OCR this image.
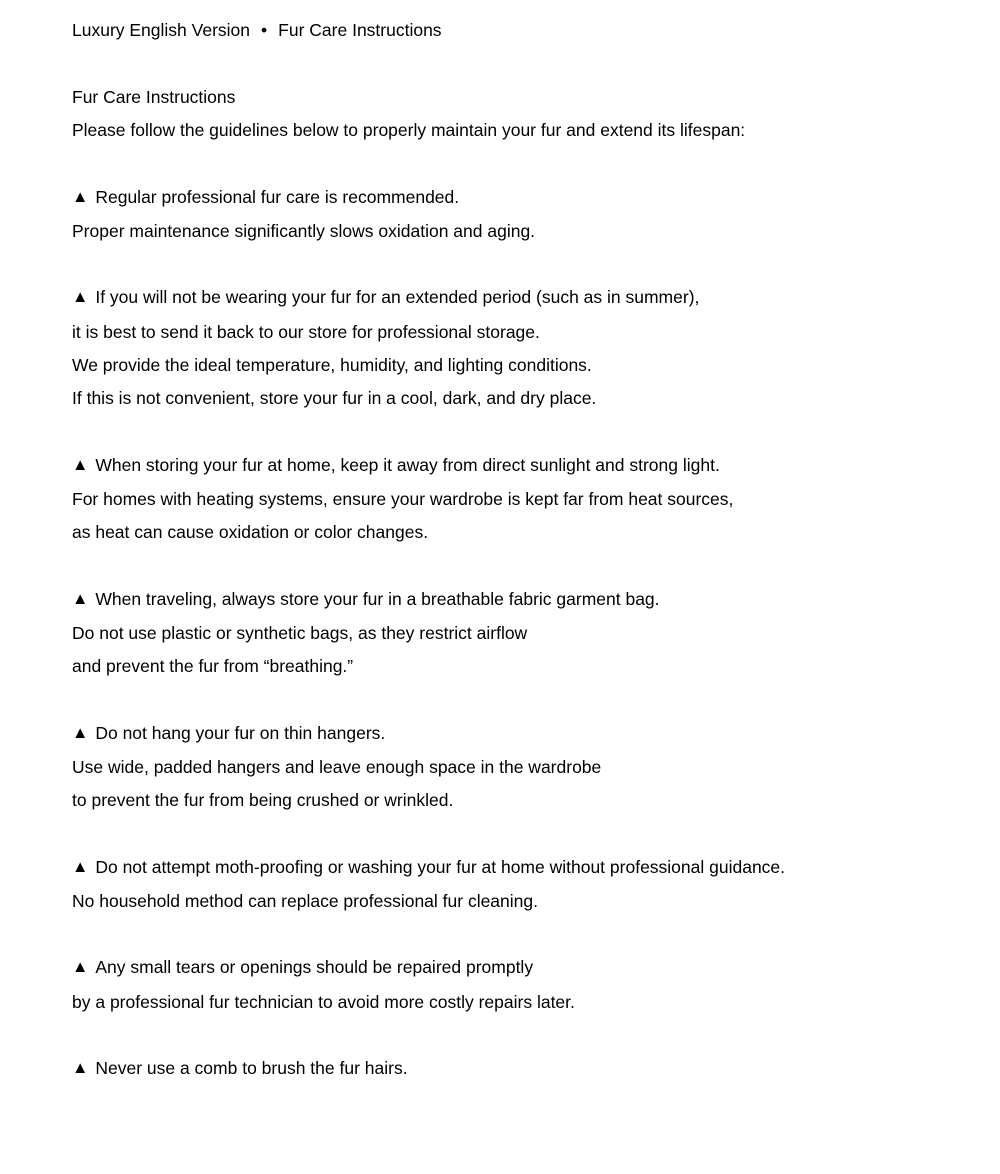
Luxury English Version • Fur Care Instructions
Fur Care Instructions
Please follow the guidelines below to properly maintain your fur and extend its lifespan:
▲ Regular professional fur care is recommended.
Proper maintenance significantly slows oxidation and aging.
▲ If you will not be wearing your fur for an extended period (such as in summer),
it is best to send it back to our store for professional storage.
We provide the ideal temperature, humidity, and lighting conditions.
If this is not convenient, store your fur in a cool, dark, and dry place.
▲ When storing your fur at home, keep it away from direct sunlight and strong light.
For homes with heating systems, ensure your wardrobe is kept far from heat sources,
as heat can cause oxidation or color changes.
▲ When traveling, always store your fur in a breathable fabric garment bag.
Do not use plastic or synthetic bags, as they restrict airflow
and prevent the fur from “breathing.”
▲ Do not hang your fur on thin hangers.
Use wide, padded hangers and leave enough space in the wardrobe
to prevent the fur from being crushed or wrinkled.
▲ Do not attempt moth-proofing or washing your fur at home without professional guidance.
No household method can replace professional fur cleaning.
▲ Any small tears or openings should be repaired promptly
by a professional fur technician to avoid more costly repairs later.
▲ Never use a comb to brush the fur hairs.
